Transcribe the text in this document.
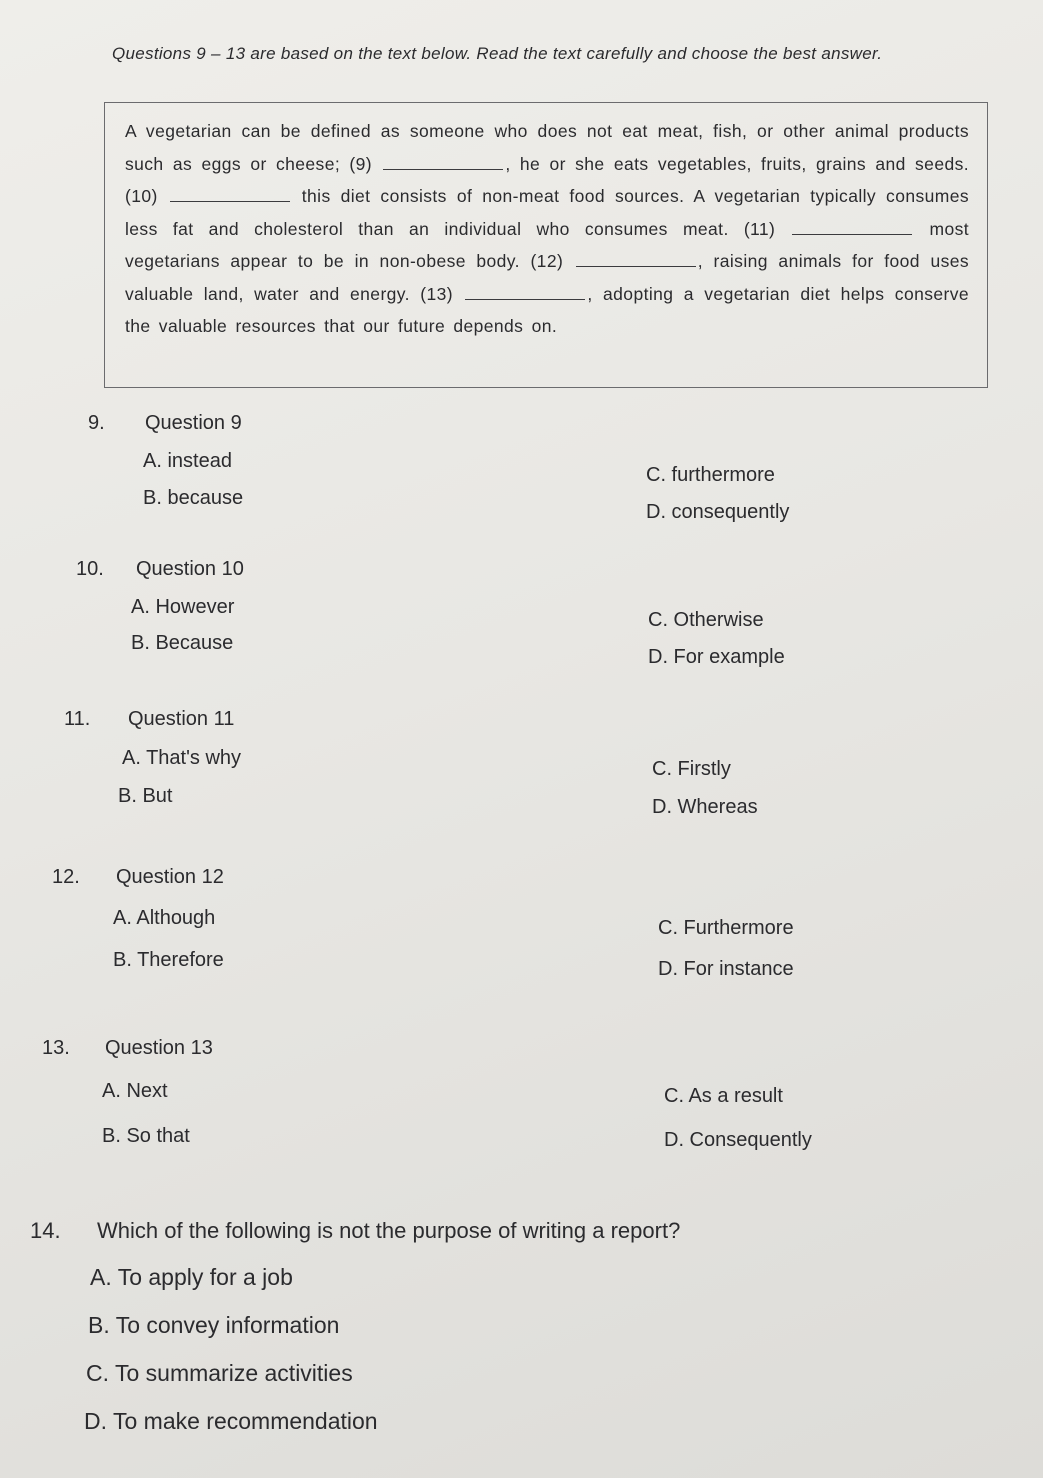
Questions 9 – 13 are based on the text below. Read the text carefully and choose the best answer.
A vegetarian can be defined as someone who does not eat meat, fish, or other animal products such as eggs or cheese; (9)	, he or she eats vegetables, fruits, grains and seeds. (10)	this diet consists of non-meat food sources. A vegetarian typically consumes less fat and cholesterol than an individual who consumes meat. (11)	most vegetarians appear to be in non-obese body. (12)	, raising animals for food uses valuable land, water and energy. (13)	, adopting a vegetarian diet helps conserve the valuable resources that our future depends on.
9. Question 9
A. instead
B. because
C. furthermore
D. consequently
10. Question 10
A. However
B. Because
C. Otherwise
D. For example
11. Question 11
A. That's why
B. But
C. Firstly
D. Whereas
12. Question 12
A. Although
B. Therefore
C. Furthermore
D. For instance
13. Question 13
A. Next
B. So that
C. As a result
D. Consequently
14. Which of the following is not the purpose of writing a report?
A. To apply for a job
B. To convey information
C. To summarize activities
D. To make recommendation
